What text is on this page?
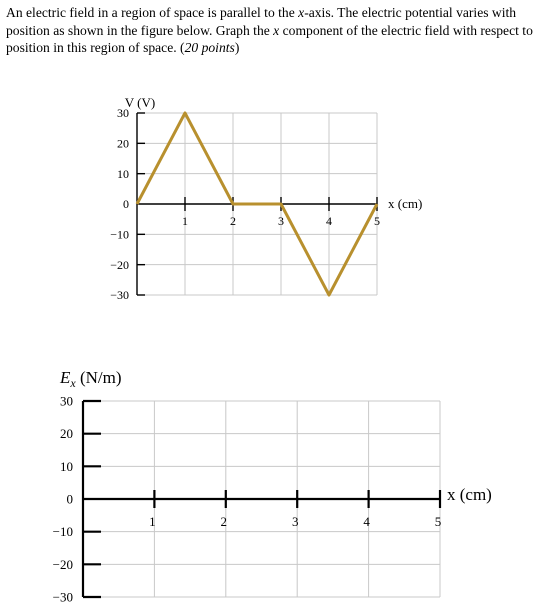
An electric field in a region of space is parallel to the x-axis. The electric potential varies with position as shown in the figure below. Graph the x component of the electric field with respect to position in this region of space. (20 points)

V (V)
x (cm)
30
20
10
0
−10
−20
−30
1	2	3	4	5
$E_x$ (N/m)
x (cm)
30
20
10
0
−10
−20
−30
1	2	3	4	5
